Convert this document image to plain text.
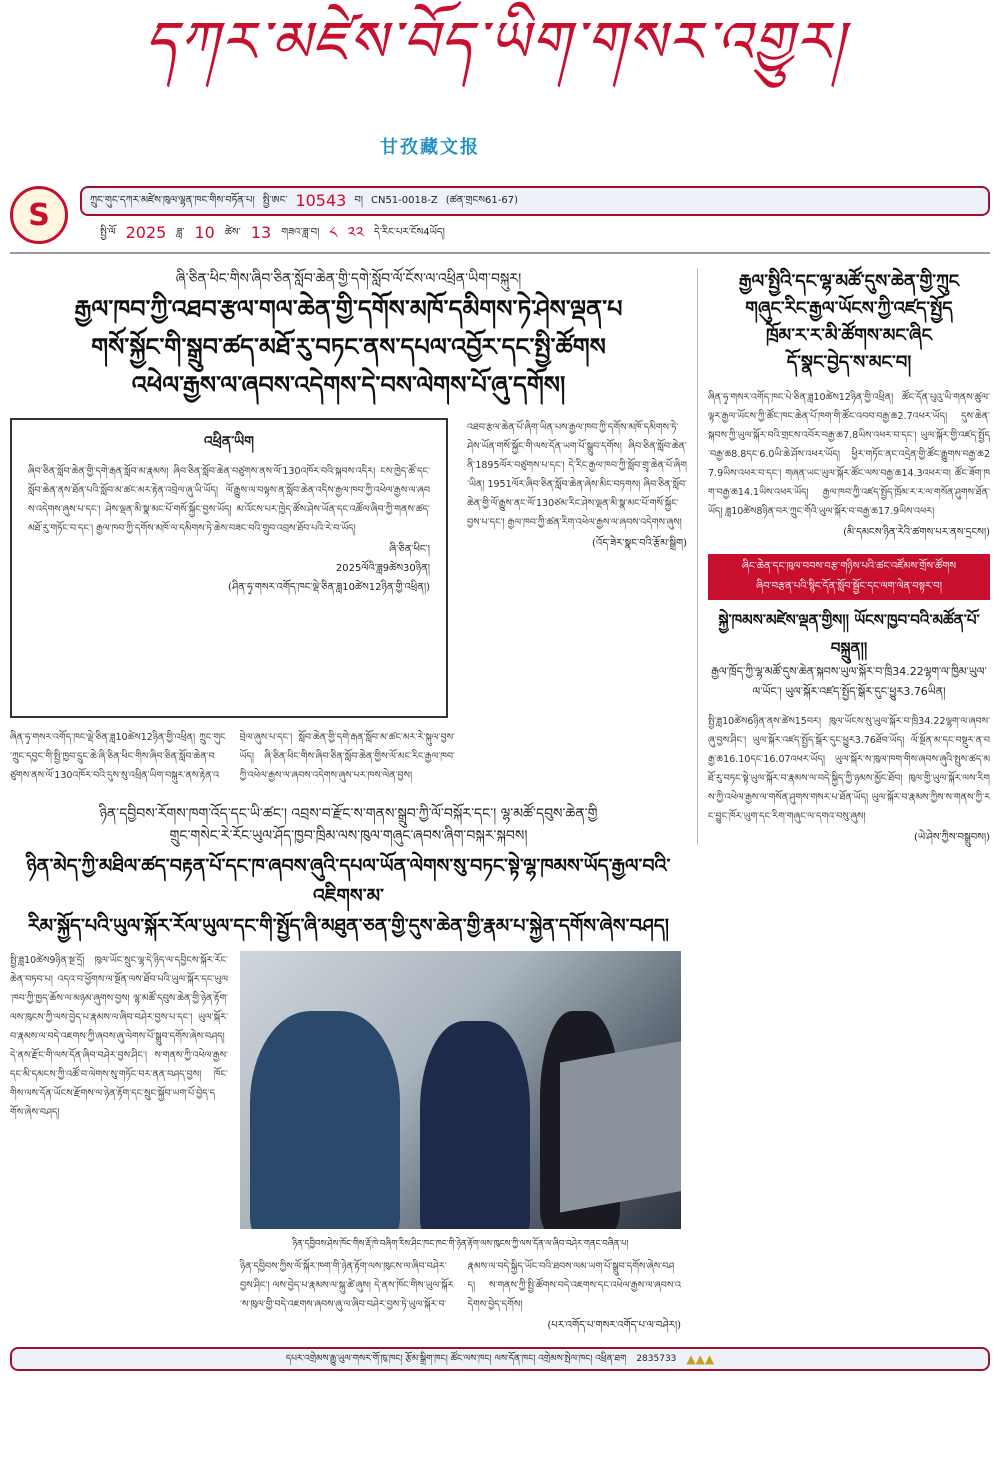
དཀར་མཛེས་བོད་ཡིག་གསར་འགྱུར།
甘孜藏文报
S	ཀྲུང་གུང་དཀར་མཛེས་ཁུལ་ལྷན་ཁང་གིས་བཏོན་པ། སྤྱི་ཨང་ 10543 བ། CN51-0018-Z (ཚན་གྲངས61-67)
སྤྱི་ལོ 2025 ཟླ་ 10 ཚེས་ 13 གཟའ་ཟླ་བ། ༨ ༢༢ དེ་རིང་པར་ངོས4ཡོད།
ཞི་ཅིན་ཕིང་གིས་ཞིབ་ཅིན་སློབ་ཆེན་གྱི་དགེ་སློབ་ལོ་ངོས་ལ་འཕྲིན་ཡིག་བསྐུར།
རྒྱལ་ཁབ་ཀྱི་འཐབ་རྩལ་གལ་ཆེན་གྱི་དགོས་མཁོ་དམིགས་ཏེ་ཤེས་ལྡན་པ
གསོ་སྐྱོང་གི་སྒྲུབ་ཚད་མཐོ་རུ་བཏང་ནས་དཔལ་འབྱོར་དང་སྤྱི་ཚོགས
འཕེལ་རྒྱས་ལ་ཞབས་འདེགས་དེ་བས་ལེགས་པོ་ཞུ་དགོས།
འཕྲིན་ཡིག
ཞིབ་ཅིན་སློབ་ཆེན་གྱི་དགེ་རྒན་སློབ་མ་རྣམས། ཞིབ་ཅིན་སློབ་ཆེན་བཙུགས་ནས་ལོ་130འཁོར་བའི་སྐབས་འདིར། ངས་ཁྱེད་ཚོ་དང་སློབ་ཆེན་ནས་ཐོན་པའི་སློབ་མ་ཚང་མར་རྟེན་འབྲེལ་ཞུ་ཡི་ཡོད། ལོ་རྒྱུས་ལ་བལྟས་ན་སློབ་ཆེན་འདིས་རྒྱལ་ཁབ་ཀྱི་འཕེལ་རྒྱས་ལ་ཞབས་འདེགས་ཞུས་པ་དང་། ཤེས་ལྡན་མི་སྣ་མང་པོ་གསོ་སྐྱོང་བྱས་ཡོད། མ་འོངས་པར་ཁྱེད་ཚོས་ཤེས་ཡོན་དང་འཚོལ་ཞིབ་ཀྱི་གནས་ཚད་མཐོ་རུ་གཏོང་བ་དང་། རྒྱལ་ཁབ་ཀྱི་དགོས་མཁོ་ལ་དམིགས་ཏེ་ཆེས་བཟང་བའི་གྲུབ་འབྲས་ཐོབ་པའི་རེ་བ་ཡོད།
ཞི་ཅིན་ཕིང་།
2025ལོའི་ཟླ9ཚེས30ཉིན།
(ཤིན་ཧྭ་གསར་འགོད་ཁང་ལྡེ་ཅིན་ཟླ10ཚེས12ཉིན་གྱི་འཕྲིན།)
ཞིན་ཧྭ་གསར་འགོད་ཁང་ལྡེ་ཅིན་ཟླ10ཚེས12ཉིན་གྱི་འཕྲིན། ཀྲུང་གུང་ཀྲུང་དབྱང་གི་སྤྱི་ཁྱབ་དྲུང་ཆེ་ཞི་ཅིན་ཕིང་གིས་ཞིབ་ཅིན་སློབ་ཆེན་བཙུགས་ནས་ལོ་130འཁོར་བའི་དུས་སུ་འཕྲིན་ཡིག་བསྐུར་ནས་རྟེན་འབྲེལ་ཞུས་པ་དང་། སློབ་ཆེན་གྱི་དགེ་རྒན་སློབ་མ་ཚང་མར་རེ་སྐུལ་བྱས་ཡོད། ཞི་ཅིན་ཕིང་གིས་ཞིབ་ཅིན་སློབ་ཆེན་གྱིས་ལོ་མང་རིང་རྒྱལ་ཁབ་ཀྱི་འཕེལ་རྒྱས་ལ་ཞབས་འདེགས་ཞུས་པར་ཁས་ལེན་བྱས།
འཐབ་རྩལ་ཆེན་པོ་ཞིག་ཡིན་པས་རྒྱལ་ཁབ་ཀྱི་དགོས་མཁོ་དམིགས་ཏེ་ཤེས་ཡོན་གསོ་སྐྱོང་གི་ལས་དོན་ཡག་པོ་སྒྲུབ་དགོས། ཞིབ་ཅིན་སློབ་ཆེན་ནི་1895ལོར་བཙུགས་པ་དང་། དེ་རིང་རྒྱལ་ཁབ་ཀྱི་སློབ་གྲྭ་ཆེན་པོ་ཞིག་ཡིན། 1951ལོར་ཞིབ་ཅིན་སློབ་ཆེན་ཞེས་མིང་བཏགས། ཞིབ་ཅིན་སློབ་ཆེན་གྱི་ལོ་རྒྱུས་ནང་ལོ་130ཙམ་རིང་ཤེས་ལྡན་མི་སྣ་མང་པོ་གསོ་སྐྱོང་བྱས་པ་དང་། རྒྱལ་ཁབ་ཀྱི་ཚན་རིག་འཕེལ་རྒྱས་ལ་ཞབས་འདེགས་ཞུས།
(འོད་ཟེར་སྣང་བའི་རྩོམ་སྒྲིག)
ཉིན་དབྱིབས་རོགས་ཁག་འོད་དང་ཡི་ཚང་། འབྲས་བ་རྫོང་ས་གནས་སྒྲུབ་ཀྱི་ལོ་བསྐོར་དང་། ལྷ་མཚོ་དབུས་ཆེན་གྱི
གྲུང་གསེང་རེ་རོང་ཡུལ་ཤོད་ཁྱབ་ཁྲིམ་ལས་ཁུལ་གཞུང་ཞབས་ཞིག་བསྐར་སྐབས།
ཉིན་མེད་ཀྱི་མཐིལ་ཚད་བརྟན་པོ་དང་ཁ་ཞབས་ཞུའི་དཔལ་ཡོན་ལེགས་སུ་བཏང་སྟེ་ལྷ་ཁམས་ཡོད་རྒྱལ་བའི་འཇིགས་མ་
རིམ་སྐྱོད་པའི་ཡུལ་སྐོར་རོལ་ཡུལ་དང་གི་སྤྱོད་ཞི་མཐུན་ཅན་གྱི་དུས་ཆེན་གྱི་རྣམ་པ་སྐྱེན་དགོས་ཞེས་བཤད།
སྤྱི་ཟླ10ཚེས9ཉིན་སྔ་དྲོ། ཁུལ་ཡོང་སྲུང་ལྷ་དེ་ཉིད་ལ་དབྱིངས་སྐོར་རོང་ཆེན་བཏབ་པ། འདའ་བ་ཕྱོགས་ལ་སྔོན་ལས་ཐོབ་པའི་ཡུལ་སྐོར་དང་ཡུལ་ཁབ་ཀྱི་ཁྱད་ཆོས་ལ་མཉམ་ཞུགས་བྱས། ལྷ་མཚོ་དབུས་ཆེན་གྱི་ཉེན་རྟོག་ལས་ཁུངས་ཀྱི་ལས་བྱེད་པ་རྣམས་ལ་ཞིབ་བཤེར་བྱས་པ་དང་། ཡུལ་སྐོར་བ་རྣམས་ལ་བདེ་འཇགས་ཀྱི་ཞབས་ཞུ་ལེགས་པོ་སྒྲུབ་དགོས་ཞེས་བཤད། དེ་ནས་རྫོང་གི་ལས་དོན་ཞིབ་བཤེར་བྱས་ཤིང་། ས་གནས་ཀྱི་འཕེལ་རྒྱས་དང་མི་དམངས་ཀྱི་འཚོ་བ་ལེགས་སུ་གཏོང་བར་ནན་བཤད་བྱས། ཁོང་གིས་ལས་དོན་ཡོངས་རྫོགས་ལ་ཉེན་རྟོག་དང་སྲུང་སྐྱོབ་ཡག་པོ་བྱེད་དགོས་ཞེས་བཤད།
ཉིན་དབྱིབས་ཤེས་ཁོང་གིས་རྡོ་ཁེ་བཞིག་རིས་ཤིང་ཁང་ཁང་གི་ཉེན་རྟོག་ལས་ཁུངས་ཀྱི་ལས་དོན་ལ་ཞིབ་བཤེར་གནང་བཞིན་པ།
ཉིན་དབྱིབས་ཀྱིས་ལོ་སྐོར་ཁག་གི་ཉེན་རྟོག་ལས་ཁུངས་ལ་ཞིབ་བཤེར་བྱས་ཤིང་། ལས་བྱེད་པ་རྣམས་ལ་སྐུ་ཚེ་ཞུས། དེ་ནས་ཁོང་གིས་ཡུལ་སྐོར་ས་ཁུལ་གྱི་བདེ་འཇགས་ཞབས་ཞུ་ལ་ཞིབ་བཤེར་བྱས་ཏེ་ཡུལ་སྐོར་བ་རྣམས་ལ་བདེ་སྐྱིད་ཡོང་བའི་ཐབས་ལམ་ཡག་པོ་སྒྲུབ་དགོས་ཞེས་བཤད། ས་གནས་ཀྱི་སྤྱི་ཚོགས་བདེ་འཇགས་དང་འཕེལ་རྒྱས་ལ་ཞབས་འདེགས་བྱེད་དགོས།
(པར་འགོད་པ་གསར་འགོད་པ་ལ་བཤེར།)
རྒྱལ་སྤྱིའི་དང་ལྷ་མཚོ་དུས་ཆེན་གྱི་ཀྲུང
གཞུང་རིང་རྒྱལ་ཡོངས་ཀྱི་འཛད་སྤྱོད
ཁྲོམ་ར་ར་མི་ཚོགས་མང་ཞིང
དོ་སྣང་བྱེད་ས་མང་བ།
ཞིན་ཧྭ་གསར་འགོད་ཁང་པེ་ཅིན་ཟླ10ཚེས12ཉིན་གྱི་འཕྲིན། ཚོང་དོན་པུའུ་ཡི་གནས་ཚུལ་ལྟར་རྒྱལ་ཡོངས་ཀྱི་ཚོང་ཁང་ཆེན་པོ་ཁག་གི་ཚོང་འབབ་བརྒྱ་ཆ2.7འཕར་ཡོད། དུས་ཆེན་སྐབས་ཀྱི་ཡུལ་སྐོར་བའི་གྲངས་འབོར་བརྒྱ་ཆ7.8ཡིས་འཕར་བ་དང་། ཡུལ་སྐོར་གྱི་འཛད་སྤྱོད་བརྒྱ་ཆ8.8དང་6.0ཡི་ཆེ་ཤོས་འཕར་ཡོད། ཕྱིར་གཏོང་ནང་འདྲེན་གྱི་ཚོང་རྒྱུགས་བརྒྱ་ཆ27.9ཡིས་འཕར་བ་དང་། གཞན་ཡང་ཡུལ་སྐོར་ཚོང་ལས་བརྒྱ་ཆ14.3འཕར་བ། ཚོང་ཟོག་ཁག་བརྒྱ་ཆ14.1ཡིས་འཕར་ཡོད། རྒྱལ་ཁབ་ཀྱི་འཛད་སྤྱོད་ཁྲོམ་ར་ར་ལ་གསོན་ཤུགས་ཐོན་ཡོད། ཟླ10ཚེས8ཉིན་བར་ཀྲུང་གོའི་ཡུལ་སྐོར་བ་བརྒྱ་ཆ17.9ཡིས་འཕར།
(མི་དམངས་ཉིན་རེའི་ཚགས་པར་ནས་དྲངས།)
ཞིང་ཆེན་དང་ཁུལ་བབས་བརྩ་གཉིས་པའི་ཚང་འཛོམས་གྲོས་ཚོགས
ཞིབ་བརྩན་པའི་སྙིང་དོན་སློབ་སྦྱོང་དང་ལག་ལེན་བསྟར་བ།
སྐྱེ་ཁམས་མཛེས་ལྡན་གྱིས།། ཡོངས་ཁྱབ་བའི་མཚོན་པོ་བསྐྲུན།།
རྒྱལ་ཁྲོད་ཀྱི་ལྷ་མཚོ་དུས་ཆེན་སྐབས་ཡུལ་སྐོར་བ་ཁྲི34.22ལྷག་ལ་ཁྱིམ་ཡུལ་ལ་ཡོང་། ཡུལ་སྐོར་འཛད་སྤྱོད་སྒོར་དུང་ཕྱུར3.76ཡིན།
སྤྱི་ཟླ10ཚེས6ཉིན་ནས་ཚེས15བར། ཁུལ་ཡོངས་སུ་ཡུལ་སྐོར་བ་ཁྲི34.22ལྷག་ལ་ཞབས་ཞུ་བྱས་ཤིང་། ཡུལ་སྐོར་འཛད་སྤྱོད་སྒོར་དུང་ཕྱུར3.76ཐོབ་ཡོད། ལོ་སྔོན་མ་དང་བསྡུར་ན་བརྒྱ་ཆ16.10དང་16.07འཕར་ཡོད། ཡུལ་སྐོར་ས་ཁུལ་ཁག་གིས་ཞབས་ཞུའི་སྤུས་ཚད་མཐོ་རུ་བཏང་སྟེ་ཡུལ་སྐོར་བ་རྣམས་ལ་བདེ་སྐྱིད་ཀྱི་ཉམས་མྱོང་ཐོབ། ཁུལ་གྱི་ཡུལ་སྐོར་ལས་རིགས་ཀྱི་འཕེལ་རྒྱས་ལ་གསོན་ཤུགས་གསར་པ་ཐོན་ཡོད། ཡུལ་སྐོར་བ་རྣམས་ཀྱིས་ས་གནས་ཀྱི་རང་བྱུང་ཁོར་ཡུག་དང་རིག་གཞུང་ལ་དགའ་བསུ་ཞུས།
(ཡེ་ཤེས་ཀྱིས་བསྒྲུབས།)
དཔར་འགྲེམས་རྒྱུ་ཡུལ་གསར་གོ་ཁུ་ཁང། རྩོམ་སྒྲིག་ཁང། ཚོང་ལས་ཁང། ལས་དོན་ཁང། འགྲེམས་སྤེལ་ཁང། འཕྲིན་ཐག 2835733 ▲▲▲
